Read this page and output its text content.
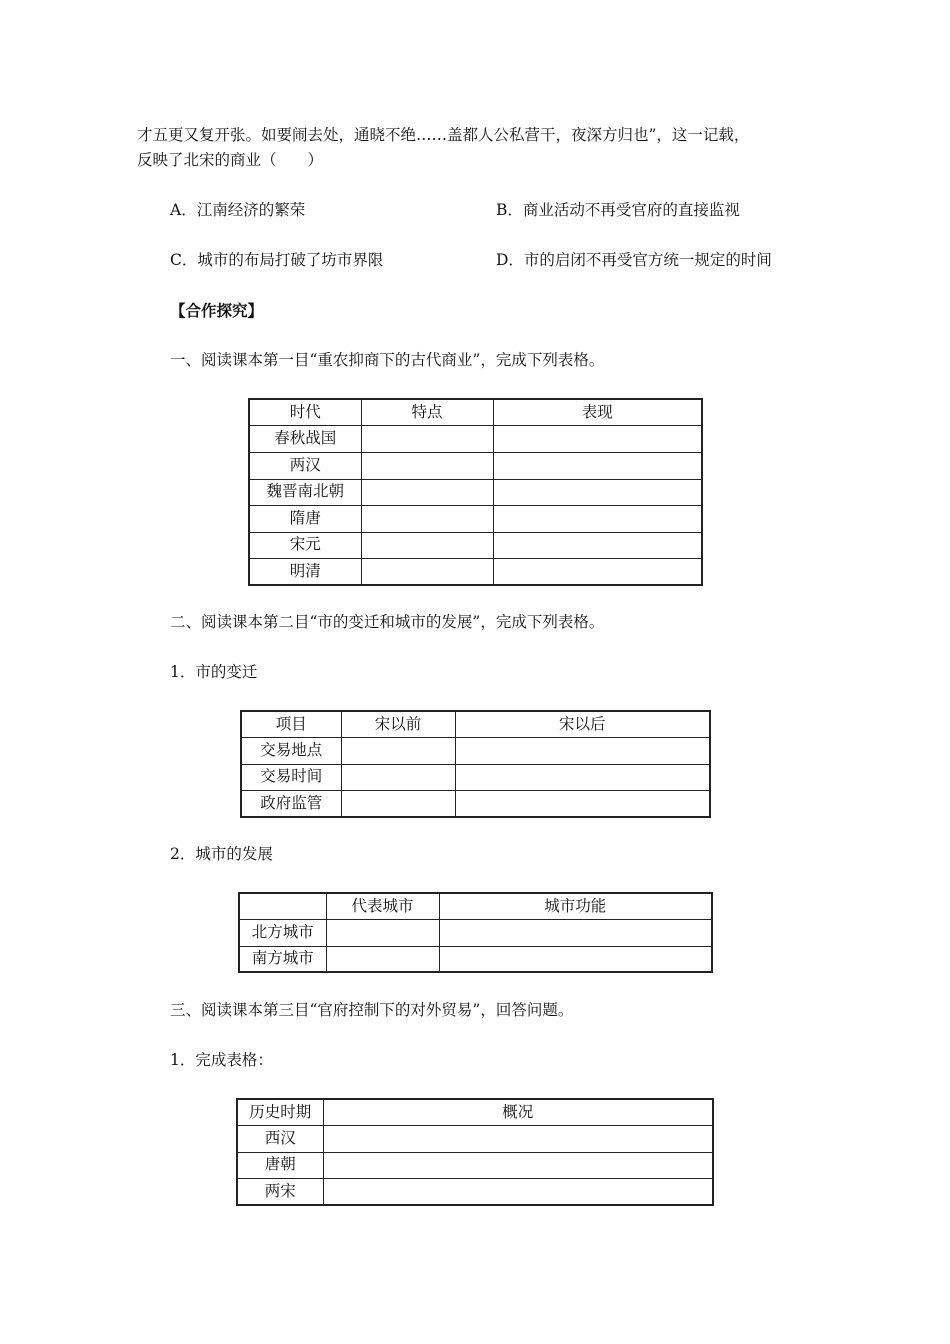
才五更又复开张。如要闹去处，通晓不绝……盖都人公私营干，夜深方归也”，这一记载，
反映了北宋的商业（　　）
A．江南经济的繁荣	B．商业活动不再受官府的直接监视
C．城市的布局打破了坊市界限	D．市的启闭不再受官方统一规定的时间
【合作探究】
一、阅读课本第一目“重农抑商下的古代商业”，完成下列表格。
时代	特点	表现
春秋战国		
两汉		
魏晋南北朝		
隋唐		
宋元		
明清		
二、阅读课本第二目“市的变迁和城市的发展”，完成下列表格。
1．市的变迁
项目	宋以前	宋以后
交易地点		
交易时间		
政府监管		
2．城市的发展
	代表城市	城市功能
北方城市		
南方城市		
三、阅读课本第三目“官府控制下的对外贸易”，回答问题。
1．完成表格：
历史时期	概况
西汉	
唐朝	
两宋	
